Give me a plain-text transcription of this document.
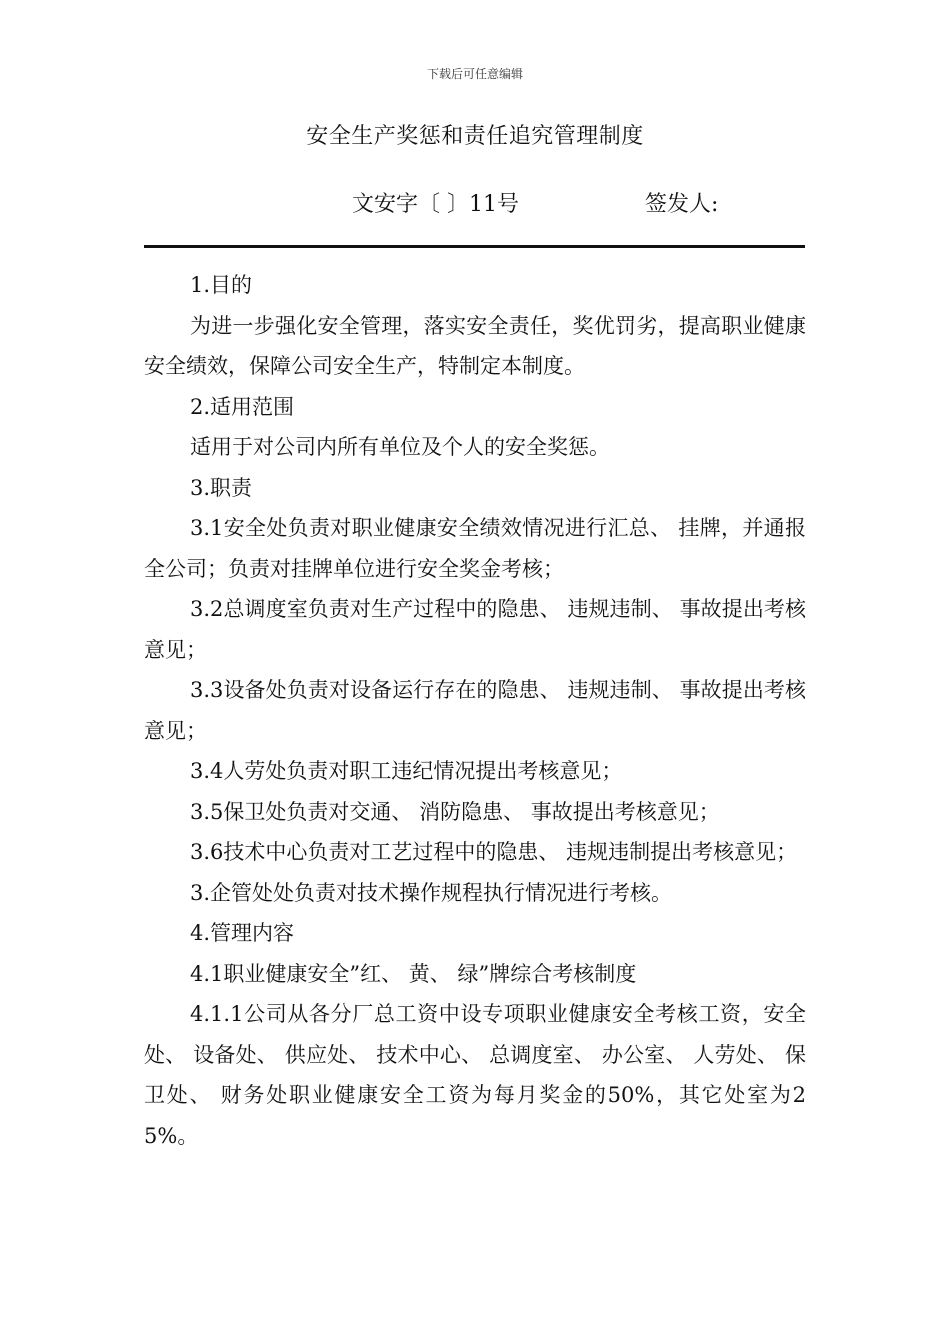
下载后可任意编辑
安全生产奖惩和责任追究管理制度
文安字〔 〕11号	签发人:

1.目的

为进一步强化安全管理，落实安全责任，奖优罚劣，提高职业健康安全绩效，保障公司安全生产，特制定本制度。

2.适用范围

适用于对公司内所有单位及个人的安全奖惩。

3.职责

3.1安全处负责对职业健康安全绩效情况进行汇总、 挂牌，并通报全公司；负责对挂牌单位进行安全奖金考核；

3.2总调度室负责对生产过程中的隐患、 违规违制、 事故提出考核意见；

3.3设备处负责对设备运行存在的隐患、 违规违制、 事故提出考核意见；

3.4人劳处负责对职工违纪情况提出考核意见；

3.5保卫处负责对交通、 消防隐患、 事故提出考核意见；

3.6技术中心负责对工艺过程中的隐患、 违规违制提出考核意见；

3.企管处处负责对技术操作规程执行情况进行考核。

4.管理内容

4.1职业健康安全”红、 黄、 绿”牌综合考核制度

4.1.1公司从各分厂总工资中设专项职业健康安全考核工资，安全处、 设备处、 供应处、 技术中心、 总调度室、 办公室、 人劳处、 保卫处、 财务处职业健康安全工资为每月奖金的50%，其它处室为25%。
